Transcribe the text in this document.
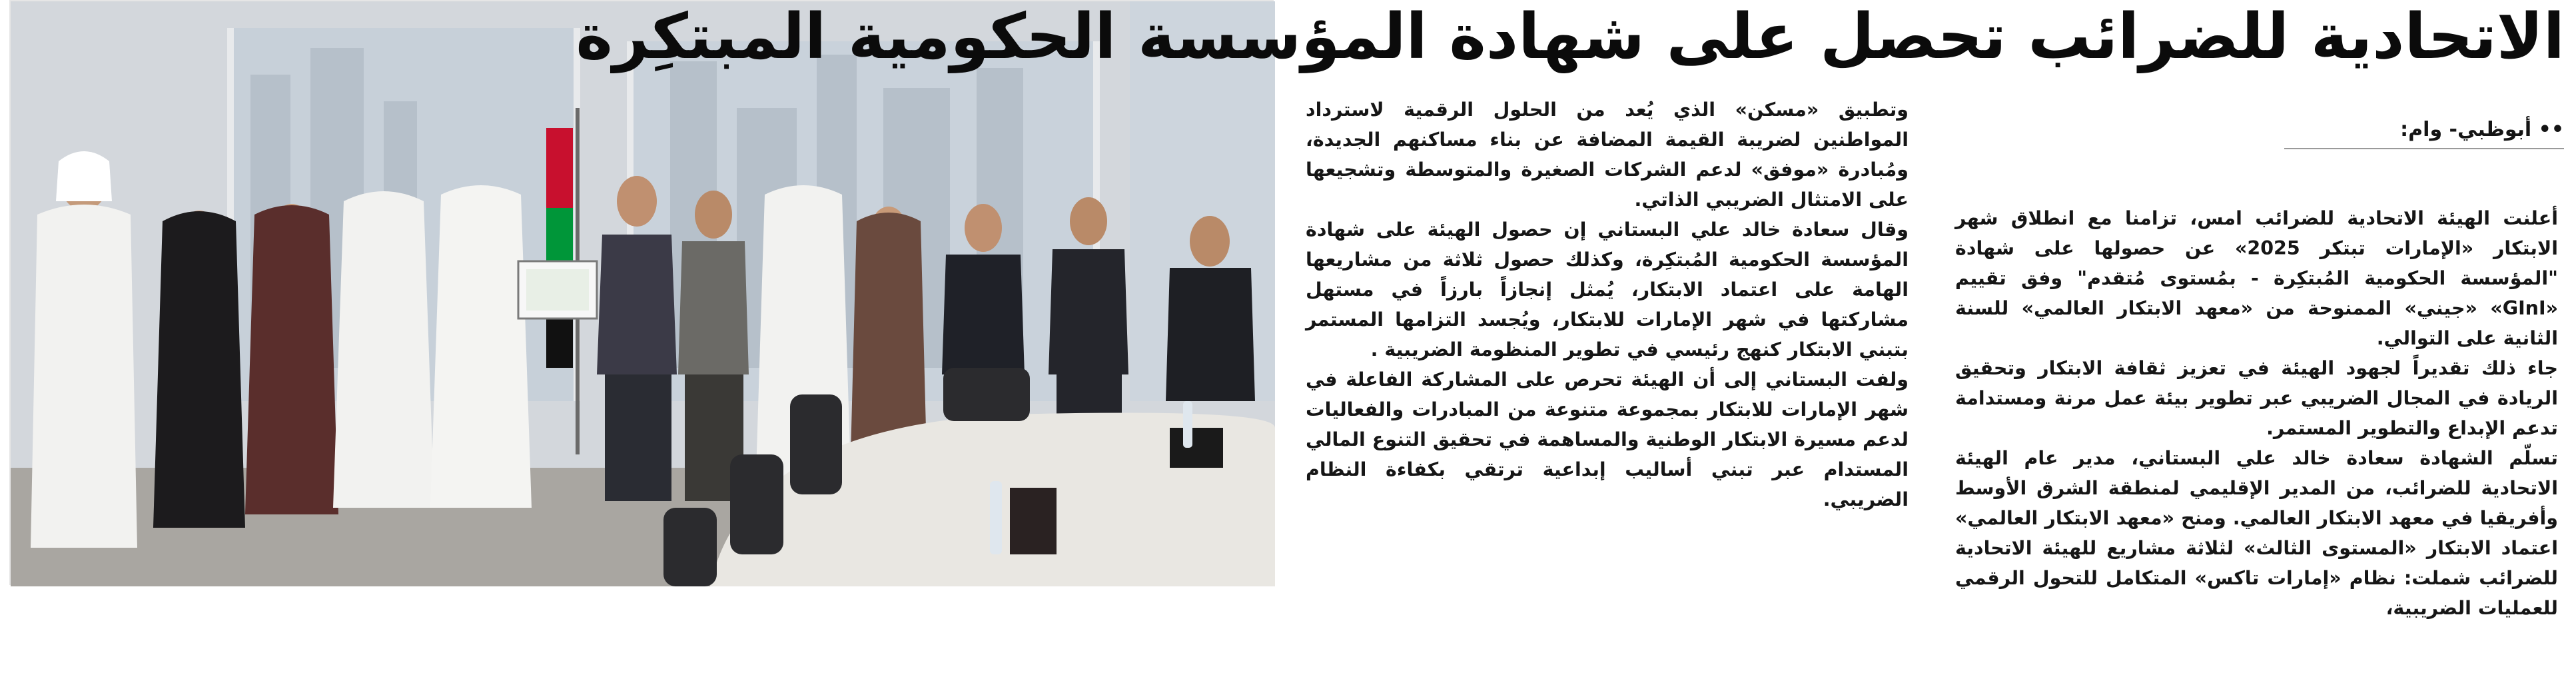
الاتحادية للضرائب تحصل على شهادة المؤسسة الحكومية المبتكِرة
•• أبوظبي- وام:

أعلنت الهيئة الاتحادية للضرائب امس، تزامنا مع انطلاق شهر الابتكار «الإمارات تبتكر 2025» عن حصولها على شهادة "المؤسسة الحكومية المُبتكِرة - بمُستوى مُتقدم" وفق تقييم «GInI» «جيني» الممنوحة من «معهد الابتكار العالمي» للسنة الثانية على التوالي.

جاء ذلك تقديراً لجهود الهيئة في تعزيز ثقافة الابتكار وتحقيق الريادة في المجال الضريبي عبر تطوير بيئة عمل مرنة ومستدامة تدعم الإبداع والتطوير المستمر.

تسلّم الشهادة سعادة خالد علي البستاني، مدير عام الهيئة الاتحادية للضرائب، من المدير الإقليمي لمنطقة الشرق الأوسط وأفريقيا في معهد الابتكار العالمي. ومنح «معهد الابتكار العالمي» اعتماد الابتكار «المستوى الثالث» لثلاثة مشاريع للهيئة الاتحادية للضرائب شملت: نظام «إمارات تاكس» المتكامل للتحول الرقمي للعمليات الضريبية،

وتطبيق «مسكن» الذي يُعد من الحلول الرقمية لاسترداد المواطنين لضريبة القيمة المضافة عن بناء مساكنهم الجديدة، ومُبادرة «موفق» لدعم الشركات الصغيرة والمتوسطة وتشجيعها على الامتثال الضريبي الذاتي.

وقال سعادة خالد علي البستاني إن حصول الهيئة على شهادة المؤسسة الحكومية المُبتكِرة، وكذلك حصول ثلاثة من مشاريعها الهامة على اعتماد الابتكار، يُمثل إنجازاً بارزاً في مستهل مشاركتها في شهر الإمارات للابتكار، ويُجسد التزامها المستمر بتبني الابتكار كنهج رئيسي في تطوير المنظومة الضريبية .

ولفت البستاني إلى أن الهيئة تحرص على المشاركة الفاعلة في شهر الإمارات للابتكار بمجموعة متنوعة من المبادرات والفعاليات لدعم مسيرة الابتكار الوطنية والمساهمة في تحقيق التنوع المالي المستدام عبر تبني أساليب إبداعية ترتقي بكفاءة النظام الضريبي.
